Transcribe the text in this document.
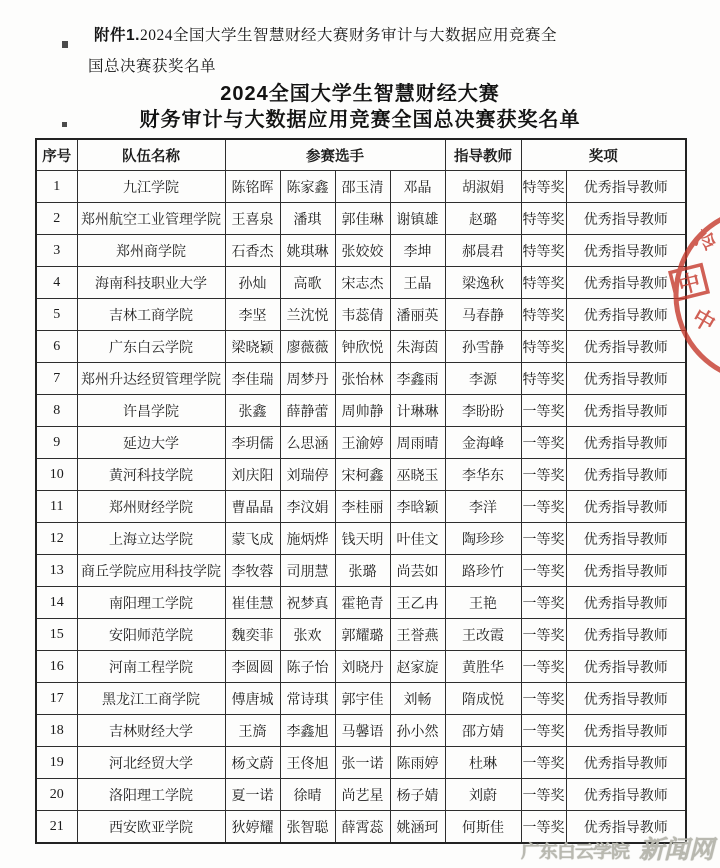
附件1.2024全国大学生智慧财经大赛财务审计与大数据应用竞赛全
国总决赛获奖名单
2024全国大学生智慧财经大赛
财务审计与大数据应用竞赛全国总决赛获奖名单
序号	队伍名称	参赛选手				指导教师	奖项	
1	九江学院	陈铭晖	陈家鑫	邵玉清	邓晶	胡淑娟	特等奖	优秀指导教师
2	郑州航空工业管理学院	王喜泉	潘琪	郭佳琳	谢镇雄	赵璐	特等奖	优秀指导教师
3	郑州商学院	石香杰	姚琪琳	张姣姣	李坤	郝晨君	特等奖	优秀指导教师
4	海南科技职业大学	孙灿	高歌	宋志杰	王晶	梁逸秋	特等奖	优秀指导教师
5	吉林工商学院	李坚	兰沈悦	韦蕊倩	潘丽英	马春静	特等奖	优秀指导教师
6	广东白云学院	梁晓颖	廖薇薇	钟欣悦	朱海茵	孙雪静	特等奖	优秀指导教师
7	郑州升达经贸管理学院	李佳瑞	周梦丹	张怡林	李鑫雨	李源	特等奖	优秀指导教师
8	许昌学院	张鑫	薛静蕾	周帅静	计琳琳	李盼盼	一等奖	优秀指导教师
9	延边大学	李玥儒	么思涵	王渝婷	周雨晴	金海峰	一等奖	优秀指导教师
10	黄河科技学院	刘庆阳	刘瑞停	宋柯鑫	巫晓玉	李华东	一等奖	优秀指导教师
11	郑州财经学院	曹晶晶	李汶娟	李桂丽	李晗颖	李洋	一等奖	优秀指导教师
12	上海立达学院	蒙飞成	施炳烨	钱天明	叶佳文	陶珍珍	一等奖	优秀指导教师
13	商丘学院应用科技学院	李牧蓉	司朋慧	张璐	尚芸如	路珍竹	一等奖	优秀指导教师
14	南阳理工学院	崔佳慧	祝梦真	霍艳青	王乙冉	王艳	一等奖	优秀指导教师
15	安阳师范学院	魏奕菲	张欢	郭耀璐	王誉燕	王改霞	一等奖	优秀指导教师
16	河南工程学院	李圆圆	陈子怡	刘晓丹	赵家旋	黄胜华	一等奖	优秀指导教师
17	黑龙江工商学院	傅唐城	常诗琪	郭宇佳	刘畅	隋成悦	一等奖	优秀指导教师
18	吉林财经大学	王旖	李鑫旭	马馨语	孙小然	邵方婧	一等奖	优秀指导教师
19	河北经贸大学	杨文蔚	王佟旭	张一诺	陈雨婷	杜琳	一等奖	优秀指导教师
20	洛阳理工学院	夏一诺	徐晴	尚艺星	杨子婧	刘蔚	一等奖	优秀指导教师
21	西安欧亚学院	狄婷耀	张智聪	薛霄蕊	姚涵珂	何斯佳	一等奖	优秀指导教师
中
冷
中
广东白云学院 新闻网
